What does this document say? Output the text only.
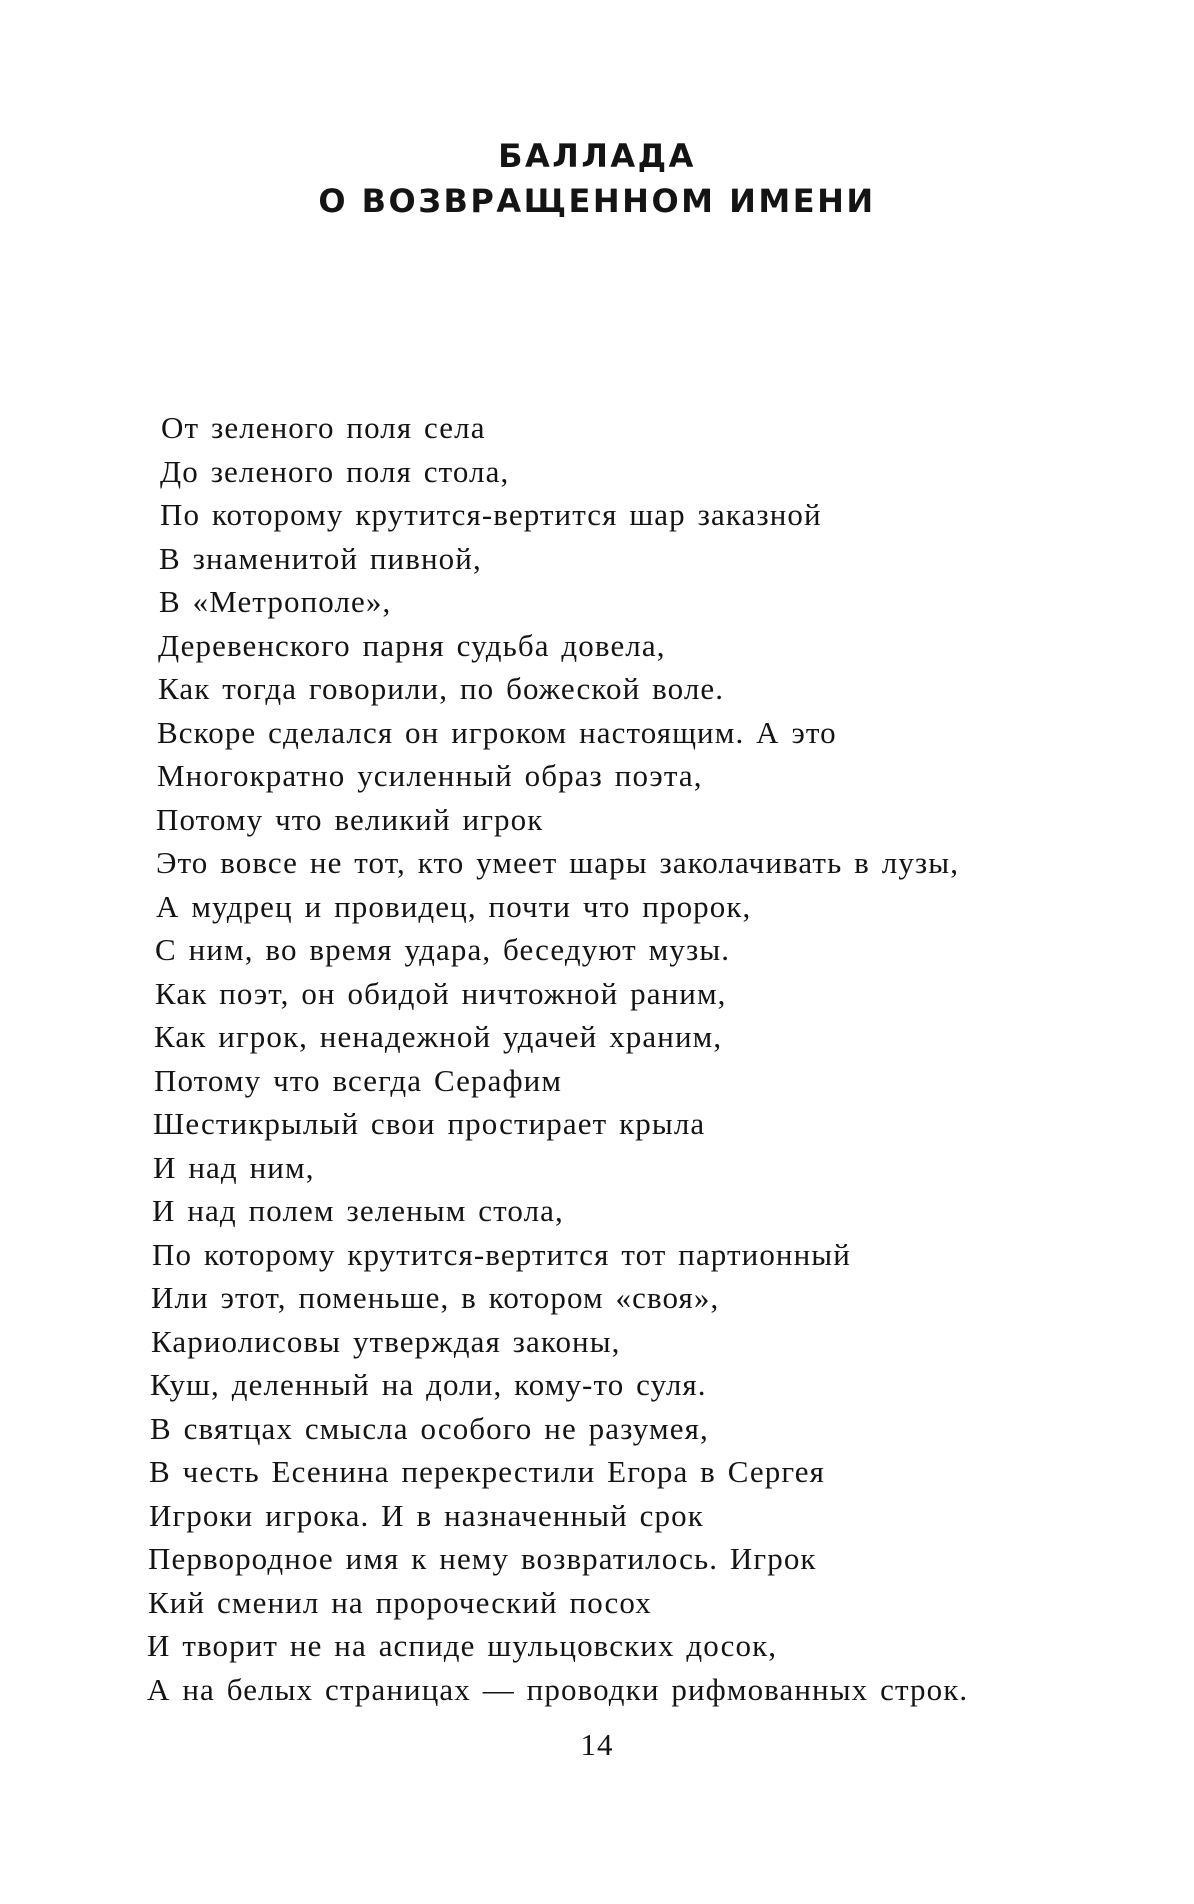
БАЛЛАДА

О ВОЗВРАЩЕННОМ ИМЕНИ

От зеленого поля села
До зеленого поля стола,
По которому крутится-вертится шар заказной
В знаменитой пивной,
В «Метрополе»,
Деревенского парня судьба довела,
Как тогда говорили, по божеской воле.
Вскоре сделался он игроком настоящим. А это
Многократно усиленный образ поэта,
Потому что великий игрок
Это вовсе не тот, кто умеет шары заколачивать в лузы,
А мудрец и провидец, почти что пророк,
С ним, во время удара, беседуют музы.
Как поэт, он обидой ничтожной раним,
Как игрок, ненадежной удачей храним,
Потому что всегда Серафим
Шестикрылый свои простирает крыла
И над ним,
И над полем зеленым стола,
По которому крутится-вертится тот партионный
Или этот, поменьше, в котором «своя»,
Кариолисовы утверждая законы,
Куш, деленный на доли, кому-то суля.
В святцах смысла особого не разумея,
В честь Есенина перекрестили Егора в Сергея
Игроки игрока. И в назначенный срок
Первородное имя к нему возвратилось. Игрок
Кий сменил на пророческий посох
И творит не на аспиде шульцовских досок,
А на белых страницах — проводки рифмованных строк.
14
